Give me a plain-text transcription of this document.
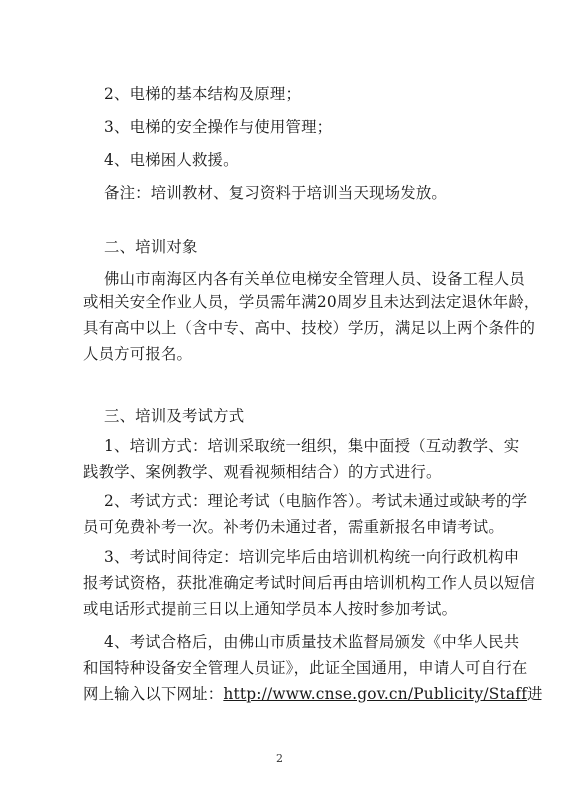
2、电梯的基本结构及原理；
3、电梯的安全操作与使用管理；
4、电梯困人救援。
备注：培训教材、复习资料于培训当天现场发放。
二、培训对象
佛山市南海区内各有关单位电梯安全管理人员、设备工程人员
或相关安全作业人员，学员需年满20周岁且未达到法定退休年龄，
具有高中以上（含中专、高中、技校）学历，满足以上两个条件的
人员方可报名。
三、培训及考试方式
1、培训方式：培训采取统一组织，集中面授（互动教学、实
践教学、案例教学、观看视频相结合）的方式进行。
2、考试方式：理论考试（电脑作答）。考试未通过或缺考的学
员可免费补考一次。补考仍未通过者，需重新报名申请考试。
3、考试时间待定：培训完毕后由培训机构统一向行政机构申
报考试资格，获批准确定考试时间后再由培训机构工作人员以短信
或电话形式提前三日以上通知学员本人按时参加考试。
4、考试合格后，由佛山市质量技术监督局颁发《中华人民共
和国特种设备安全管理人员证》，此证全国通用，申请人可自行在
网上输入以下网址：http://www.cnse.gov.cn/Publicity/Staff进
2
